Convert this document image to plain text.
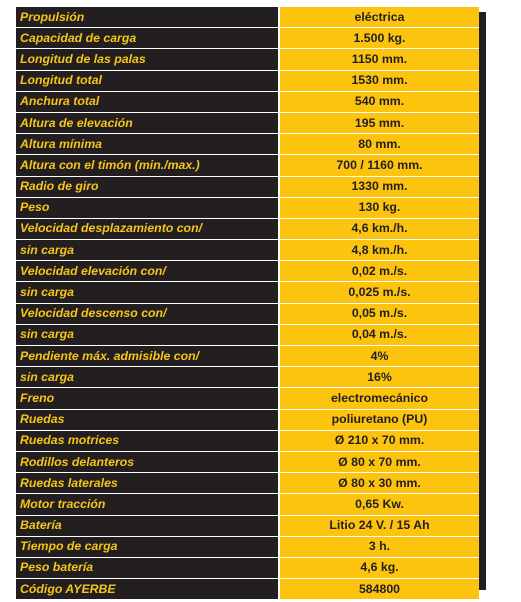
Propulsión	eléctrica
Capacidad de carga	1.500 kg.
Longitud de las palas	1150 mm.
Longitud total	1530 mm.
Anchura total	540 mm.
Altura de elevación	195 mm.
Altura mínima	80 mm.
Altura con el timón (min./max.)	700 / 1160 mm.
Radio de giro	1330 mm.
Peso	130 kg.
Velocidad desplazamiento con/	4,6 km./h.
sin carga	4,8 km./h.
Velocidad elevación con/	0,02 m./s.
sin carga	0,025 m./s.
Velocidad descenso con/	0,05 m./s.
sin carga	0,04 m./s.
Pendiente máx. admisible con/	4%
sin carga	16%
Freno	electromecánico
Ruedas	poliuretano (PU)
Ruedas motrices	Ø 210 x 70 mm.
Rodillos delanteros	Ø 80 x 70 mm.
Ruedas laterales	Ø 80 x 30 mm.
Motor tracción	0,65 Kw.
Batería	Litio 24 V. / 15 Ah
Tiempo de carga	3 h.
Peso batería	4,6 kg.
Código AYERBE	584800
